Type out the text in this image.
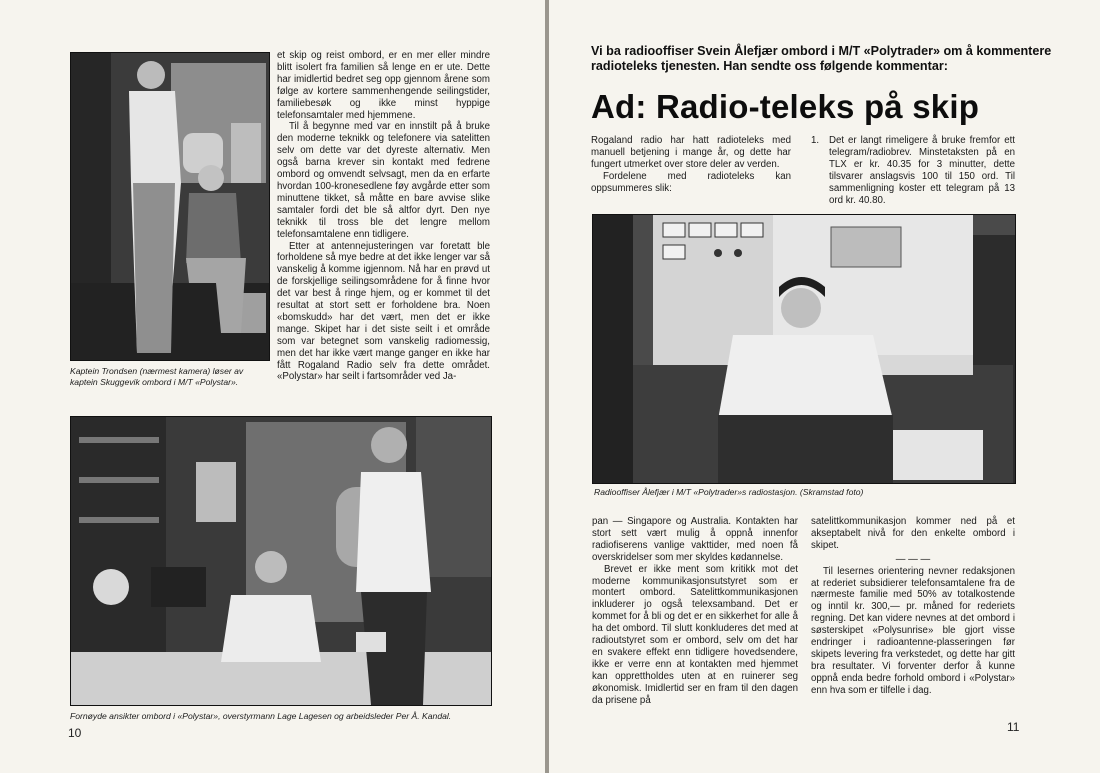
Kaptein Trondsen (nærmest kamera) løser av kaptein Skuggevik ombord i M/T «Polystar».

et skip og reist ombord, er en mer eller mindre blitt isolert fra familien så lenge en er ute. Dette har imidlertid bedret seg opp gjennom årene som følge av kortere sammenhengende seilingstider, familiebesøk og ikke minst hyppige telefonsamtaler med hjemmene.

Til å begynne med var en innstilt på å bruke den moderne teknikk og telefonere via satelitten selv om dette var det dyreste alternativ. Men også barna krever sin kontakt med fedrene ombord og omvendt selvsagt, men da en erfarte hvordan 100-kronesedlene føy avgårde etter som minuttene tikket, så måtte en bare avvise slike samtaler fordi det ble så altfor dyrt. Den nye teknikk til tross ble det lengre mellom telefonsamtalene enn tidligere.

Etter at antennejusteringen var foretatt ble forholdene så mye bedre at det ikke lenger var så vanskelig å komme igjennom. Nå har en prøvd ut de forskjellige seilingsområdene for å finne hvor det var best å ringe hjem, og er kommet til det resultat at stort sett er forholdene bra. Noen «bomskudd» har det vært, men det er ikke mange. Skipet har i det siste seilt i et område som var betegnet som vanskelig radiomessig, men det har ikke vært mange ganger en ikke har fått Rogaland Radio selv fra dette området. «Polystar» har seilt i fartsområder ved Ja-

Fornøyde ansikter ombord i «Polystar», overstyrmann Lage Lagesen og arbeidsleder Per Å. Kandal.
10
Vi ba radiooffiser Svein Ålefjær ombord i M/T «Polytrader» om å kommentere radioteleks tjenesten. Han sendte oss følgende kommentar:
Ad: Radio-teleks på skip

Rogaland radio har hatt radioteleks med manuell betjening i mange år, og dette har fungert utmerket over store deler av verden.

Fordelene med radioteleks kan oppsummeres slik:

1.	Det er langt rimeligere å bruke fremfor ett telegram/radiobrev. Minstetaksten på en TLX er kr. 40.35 for 3 minutter, dette tilsvarer anslagsvis 100 til 150 ord. Til sammenligning koster ett telegram på 13 ord kr. 40.80.
Radiooffiser Ålefjær i M/T «Polytrader»s radiostasjon. (Skramstad foto)

pan — Singapore og Australia. Kontakten har stort sett vært mulig å oppnå innenfor radiofiserens vanlige vakttider, med noen få overskridelser som mer skyldes kødannelse.

Brevet er ikke ment som kritikk mot det moderne kommunikasjonsutstyret som er montert ombord. Satelittkommunikasjonen inkluderer jo også telexsamband. Det er kommet for å bli og det er en sikkerhet for alle å ha det ombord. Til slutt konkluderes det med at radioutstyret som er ombord, selv om det har en svakere effekt enn tidligere hovedsendere, ikke er verre enn at kontakten med hjemmet kan opprettholdes uten at en ruinerer seg økonomisk. Imidlertid ser en fram til den dagen da prisene på

satelittkommunikasjon kommer ned på et akseptabelt nivå for den enkelte ombord i skipet.

— — —

Til lesernes orientering nevner redaksjonen at rederiet subsidierer telefonsamtalene fra de nærmeste familie med 50% av totalkostende og inntil kr. 300,— pr. måned for rederiets regning. Det kan videre nevnes at det ombord i søsterskipet «Polysunrise» ble gjort visse endringer i radioantenne-plasseringen før skipets levering fra verkstedet, og dette har gitt bra resultater. Vi forventer derfor å kunne oppnå enda bedre forhold ombord i «Polystar» enn hva som er tilfelle i dag.

11
